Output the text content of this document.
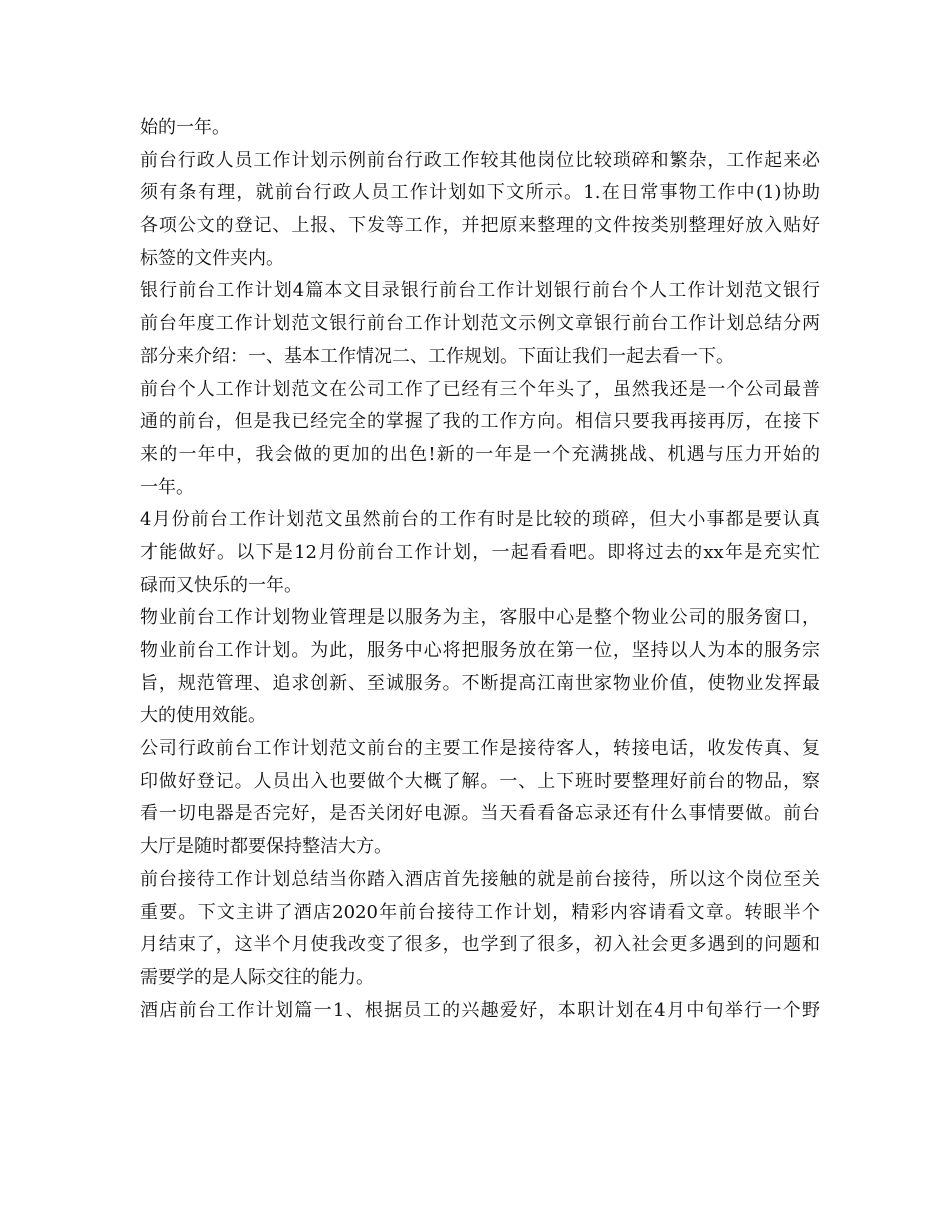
始的一年。
前台行政人员工作计划示例前台行政工作较其他岗位比较琐碎和繁杂，工作起来必
须有条有理，就前台行政人员工作计划如下文所示。1.在日常事物工作中(1)协助
各项公文的登记、上报、下发等工作，并把原来整理的文件按类别整理好放入贴好
标签的文件夹内。
银行前台工作计划4篇本文目录银行前台工作计划银行前台个人工作计划范文银行
前台年度工作计划范文银行前台工作计划范文示例文章银行前台工作计划总结分两
部分来介绍：一、基本工作情况二、工作规划。下面让我们一起去看一下。
前台个人工作计划范文在公司工作了已经有三个年头了，虽然我还是一个公司最普
通的前台，但是我已经完全的掌握了我的工作方向。相信只要我再接再厉，在接下
来的一年中，我会做的更加的出色!新的一年是一个充满挑战、机遇与压力开始的
一年。
4月份前台工作计划范文虽然前台的工作有时是比较的琐碎，但大小事都是要认真
才能做好。以下是12月份前台工作计划，一起看看吧。即将过去的xx年是充实忙
碌而又快乐的一年。
物业前台工作计划物业管理是以服务为主，客服中心是整个物业公司的服务窗口，
物业前台工作计划。为此，服务中心将把服务放在第一位，坚持以人为本的服务宗
旨，规范管理、追求创新、至诚服务。不断提高江南世家物业价值，使物业发挥最
大的使用效能。
公司行政前台工作计划范文前台的主要工作是接待客人，转接电话，收发传真、复
印做好登记。人员出入也要做个大概了解。一、上下班时要整理好前台的物品，察
看一切电器是否完好，是否关闭好电源。当天看看备忘录还有什么事情要做。前台
大厅是随时都要保持整洁大方。
前台接待工作计划总结当你踏入酒店首先接触的就是前台接待，所以这个岗位至关
重要。下文主讲了酒店2020年前台接待工作计划，精彩内容请看文章。转眼半个
月结束了，这半个月使我改变了很多，也学到了很多，初入社会更多遇到的问题和
需要学的是人际交往的能力。
酒店前台工作计划篇一1、根据员工的兴趣爱好，本职计划在4月中旬举行一个野
